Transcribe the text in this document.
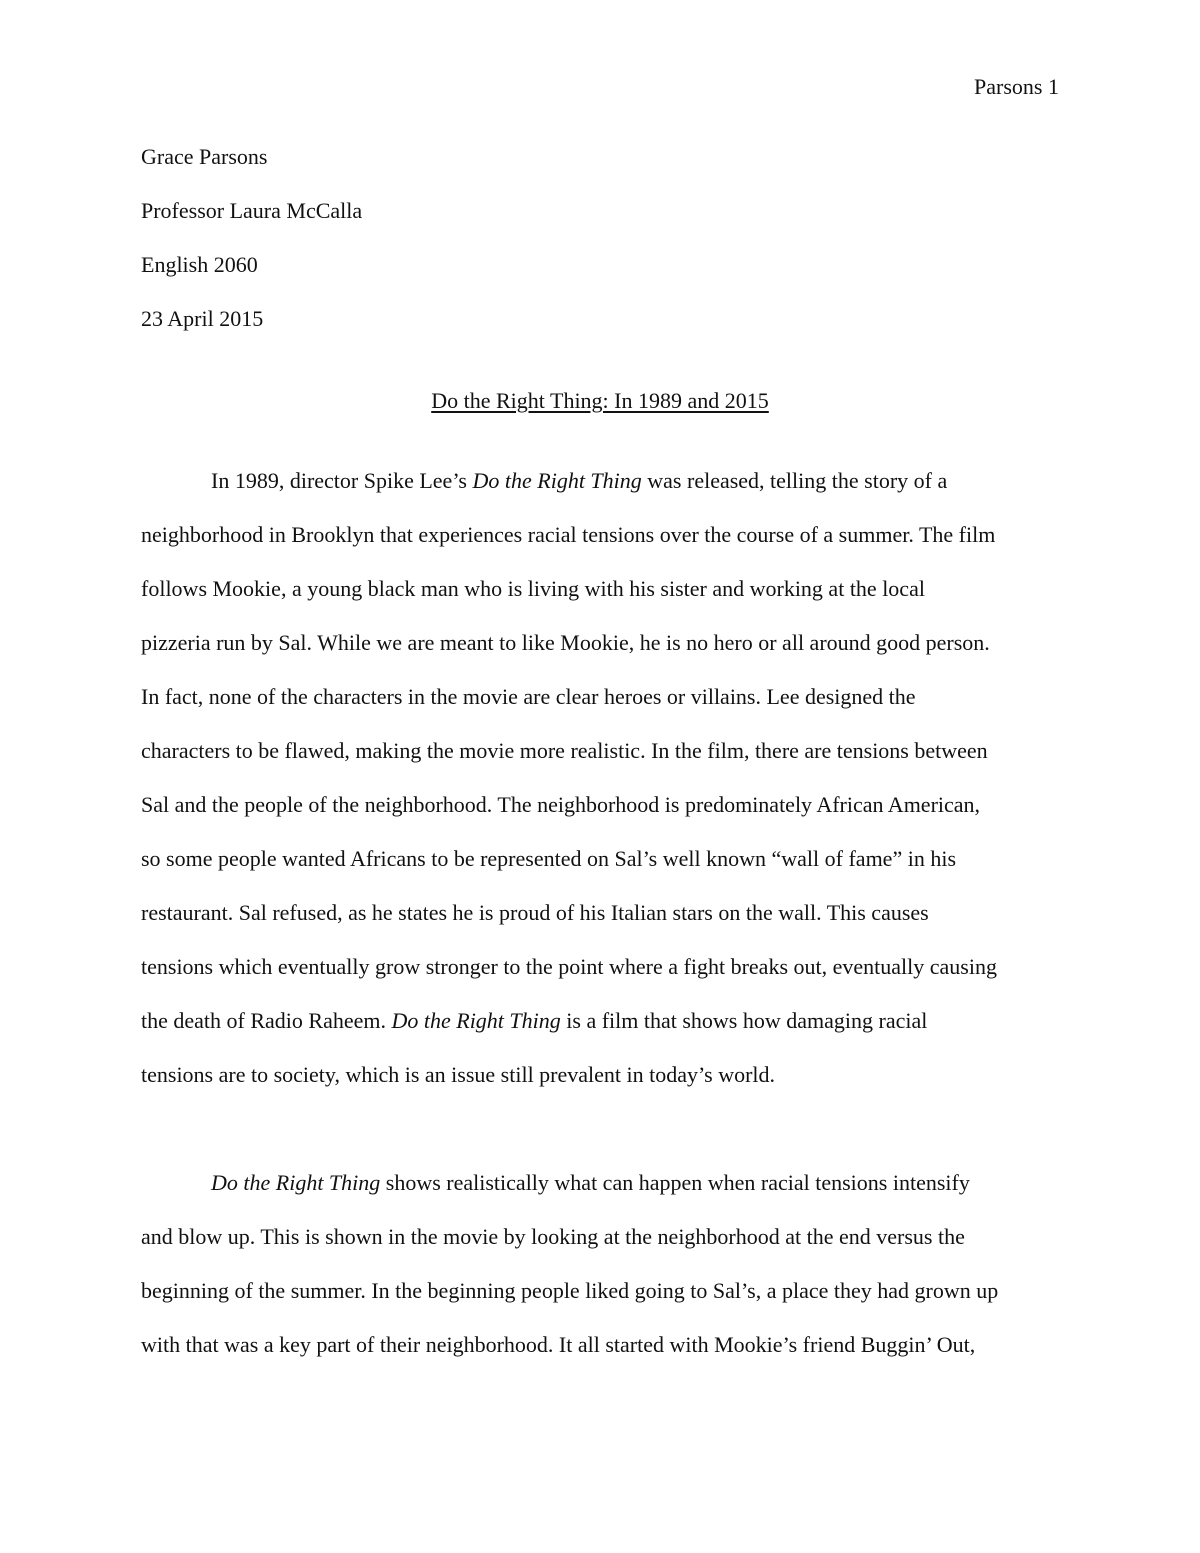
Parsons 1
Grace Parsons
Professor Laura McCalla
English 2060
23 April 2015
Do the Right Thing: In 1989 and 2015
In 1989, director Spike Lee’s Do the Right Thing was released, telling the story of a
neighborhood in Brooklyn that experiences racial tensions over the course of a summer. The film
follows Mookie, a young black man who is living with his sister and working at the local
pizzeria run by Sal. While we are meant to like Mookie, he is no hero or all around good person.
In fact, none of the characters in the movie are clear heroes or villains. Lee designed the
characters to be flawed, making the movie more realistic. In the film, there are tensions between
Sal and the people of the neighborhood. The neighborhood is predominately African American,
so some people wanted Africans to be represented on Sal’s well known “wall of fame” in his
restaurant. Sal refused, as he states he is proud of his Italian stars on the wall. This causes
tensions which eventually grow stronger to the point where a fight breaks out, eventually causing
the death of Radio Raheem. Do the Right Thing is a film that shows how damaging racial
tensions are to society, which is an issue still prevalent in today’s world.
Do the Right Thing shows realistically what can happen when racial tensions intensify
and blow up. This is shown in the movie by looking at the neighborhood at the end versus the
beginning of the summer. In the beginning people liked going to Sal’s, a place they had grown up
with that was a key part of their neighborhood. It all started with Mookie’s friend Buggin’ Out,
